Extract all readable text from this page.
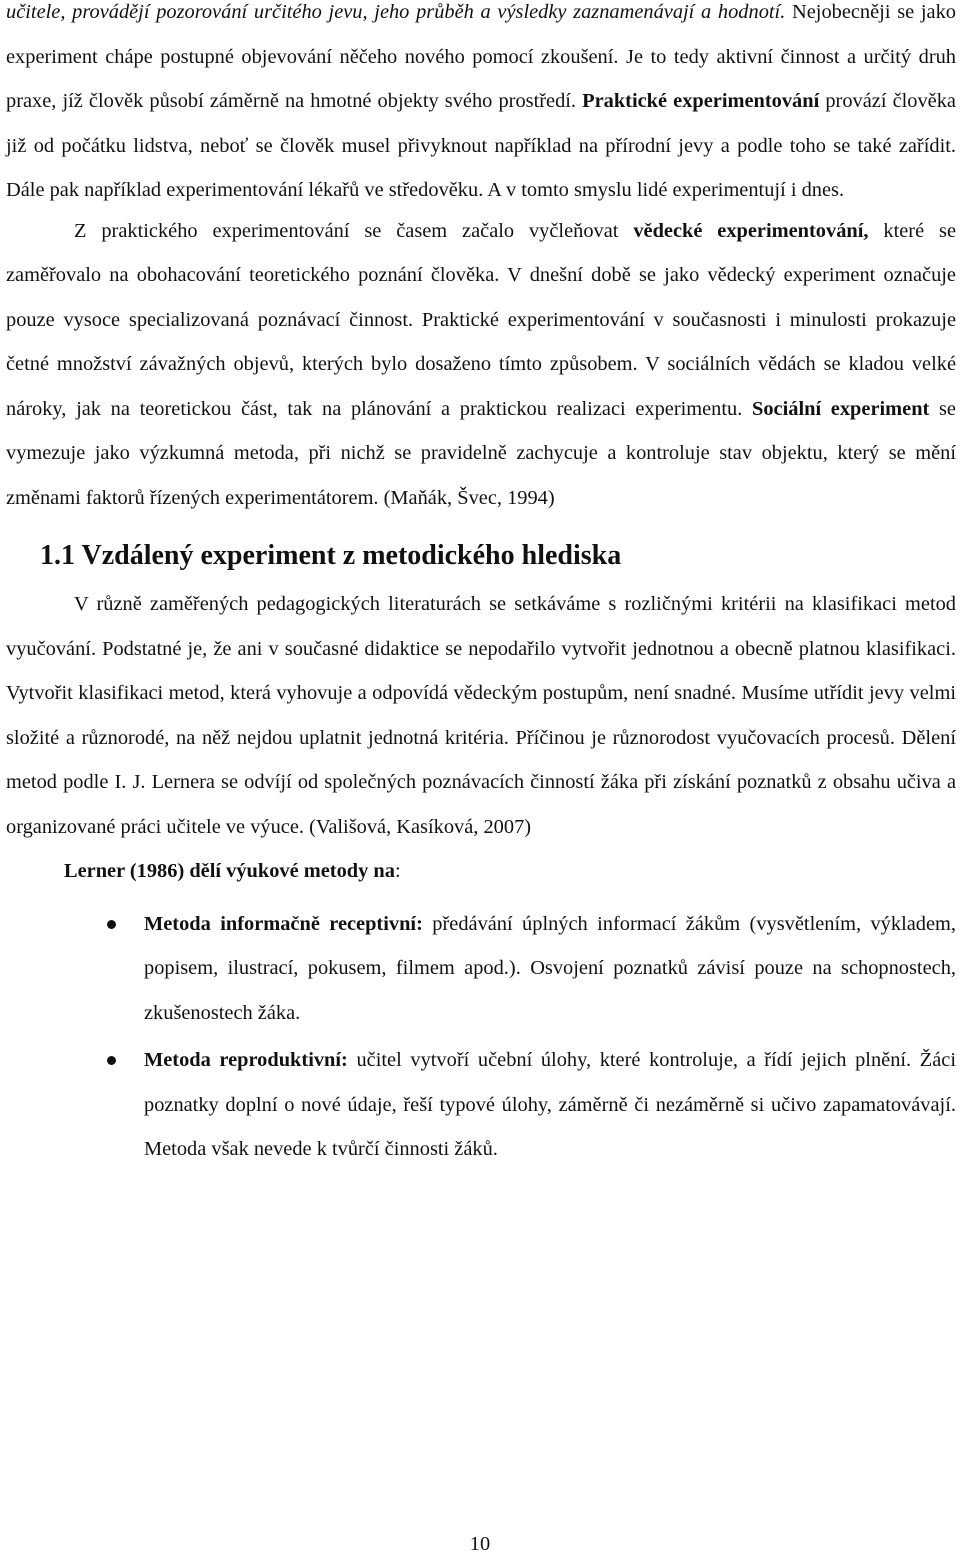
učitele, provádějí pozorování určitého jevu, jeho průběh a výsledky zaznamenávají a hodnotí. Nejobecněji se jako experiment chápe postupné objevování něčeho nového pomocí zkoušení. Je to tedy aktivní činnost a určitý druh praxe, jíž člověk působí záměrně na hmotné objekty svého prostředí. Praktické experimentování provází člověka již od počátku lidstva, neboť se člověk musel přivyknout například na přírodní jevy a podle toho se také zařídit. Dále pak například experimentování lékařů ve středověku. A v tomto smyslu lidé experimentují i dnes.

Z praktického experimentování se časem začalo vyčleňovat vědecké experimentování, které se zaměřovalo na obohacování teoretického poznání člověka. V dnešní době se jako vědecký experiment označuje pouze vysoce specializovaná poznávací činnost. Praktické experimentování v současnosti i minulosti prokazuje četné množství závažných objevů, kterých bylo dosaženo tímto způsobem. V sociálních vědách se kladou velké nároky, jak na teoretickou část, tak na plánování a praktickou realizaci experimentu. Sociální experiment se vymezuje jako výzkumná metoda, při nichž se pravidelně zachycuje a kontroluje stav objektu, který se mění změnami faktorů řízených experimentátorem. (Maňák, Švec, 1994)

1.1 Vzdálený experiment z metodického hlediska

V různě zaměřených pedagogických literaturách se setkáváme s rozličnými kritérii na klasifikaci metod vyučování. Podstatné je, že ani v současné didaktice se nepodařilo vytvořit jednotnou a obecně platnou klasifikaci. Vytvořit klasifikaci metod, která vyhovuje a odpovídá vědeckým postupům, není snadné. Musíme utřídit jevy velmi složité a různorodé, na něž nejdou uplatnit jednotná kritéria. Příčinou je různorodost vyučovacích procesů. Dělení metod podle I. J. Lernera se odvíjí od společných poznávacích činností žáka při získání poznatků z obsahu učiva a organizované práci učitele ve výuce. (Vališová, Kasíková, 2007)

Lerner (1986) dělí výukové metody na:

Metoda informačně receptivní: předávání úplných informací žákům (vysvětlením, výkladem, popisem, ilustrací, pokusem, filmem apod.). Osvojení poznatků závisí pouze na schopnostech, zkušenostech žáka.
Metoda reproduktivní: učitel vytvoří učební úlohy, které kontroluje, a řídí jejich plnění. Žáci poznatky doplní o nové údaje, řeší typové úlohy, záměrně či nezáměrně si učivo zapamatovávají. Metoda však nevede k tvůrčí činnosti žáků.
10
